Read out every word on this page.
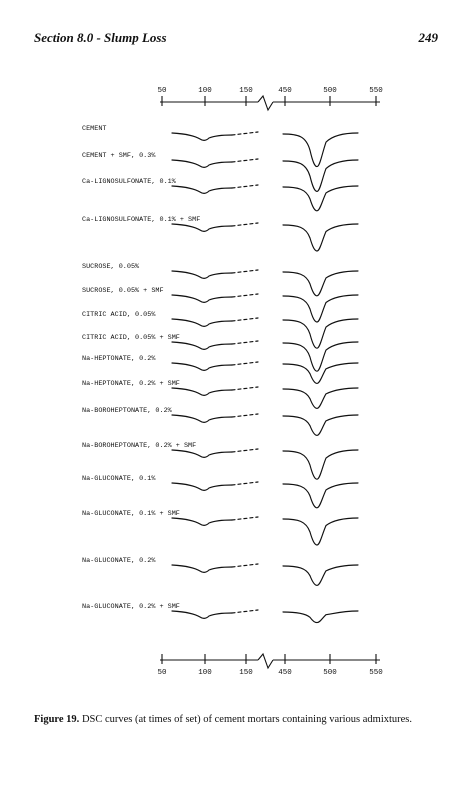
Section 8.0 - Slump Loss	249
50	100	150	450	500	550
CEMENT
CEMENT + SMF, 0.3%
Ca-LIGNOSULFONATE, 0.1%
Ca-LIGNOSULFONATE, 0.1% + SMF
SUCROSE, 0.05%
SUCROSE, 0.05% + SMF
CITRIC ACID, 0.05%
CITRIC ACID, 0.05% + SMF
Na-HEPTONATE, 0.2%
Na-HEPTONATE, 0.2% + SMF
Na-BOROHEPTONATE, 0.2%
Na-BOROHEPTONATE, 0.2% + SMF
Na-GLUCONATE, 0.1%
Na-GLUCONATE, 0.1% + SMF
Na-GLUCONATE, 0.2%
Na-GLUCONATE, 0.2% + SMF
50	100	150	450	500	550
Figure 19. DSC curves (at times of set) of cement mortars containing various admixtures.
